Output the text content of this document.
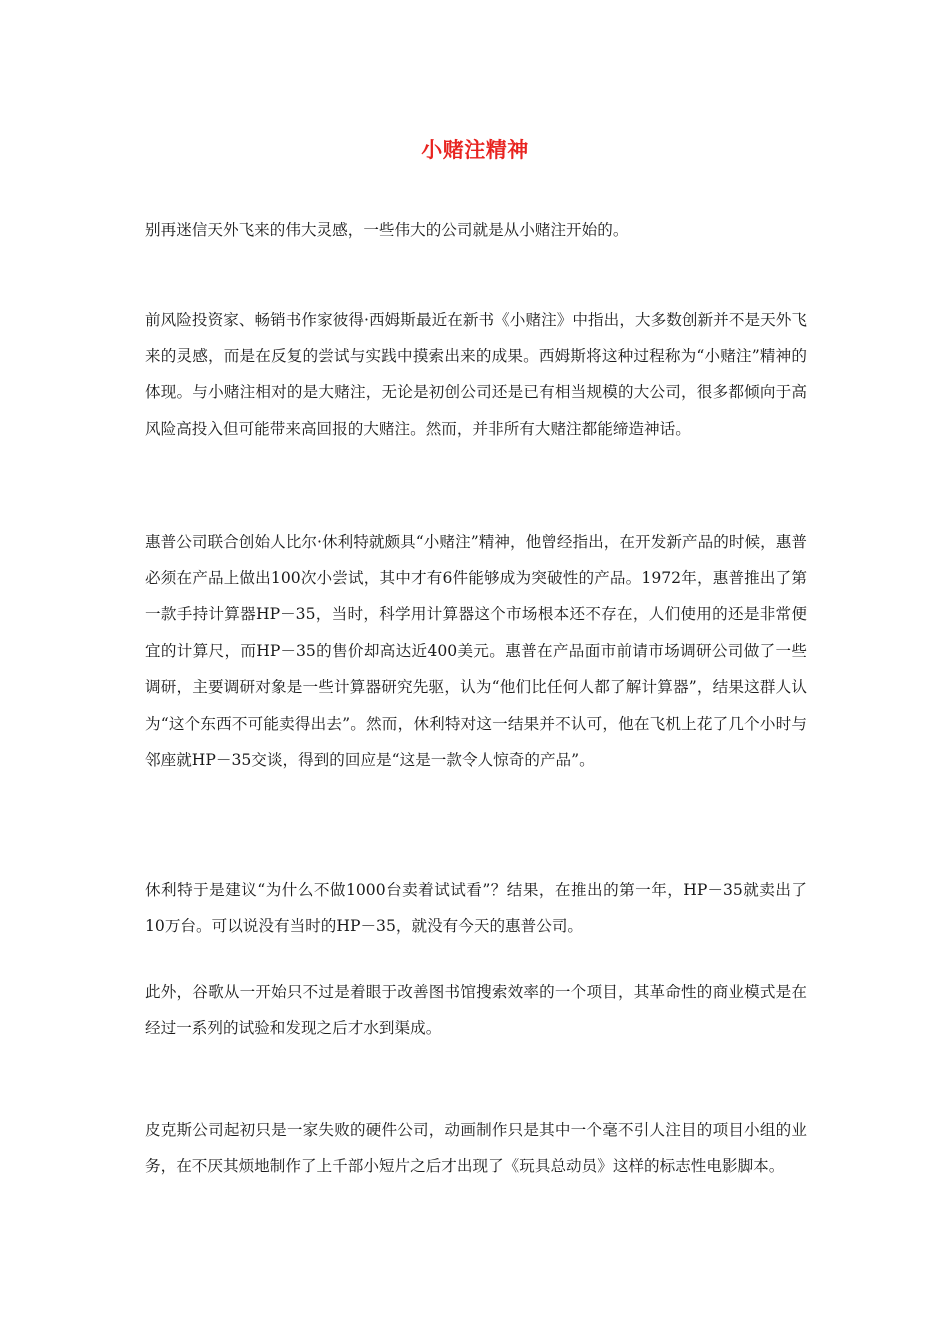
小赌注精神

别再迷信天外飞来的伟大灵感，一些伟大的公司就是从小赌注开始的。

前风险投资家、畅销书作家彼得·西姆斯最近在新书《小赌注》中指出，大多数创新并不是天外飞来的灵感，而是在反复的尝试与实践中摸索出来的成果。西姆斯将这种过程称为“小赌注”精神的体现。与小赌注相对的是大赌注，无论是初创公司还是已有相当规模的大公司，很多都倾向于高风险高投入但可能带来高回报的大赌注。然而，并非所有大赌注都能缔造神话。

惠普公司联合创始人比尔·休利特就颇具“小赌注”精神，他曾经指出，在开发新产品的时候，惠普必须在产品上做出100次小尝试，其中才有6件能够成为突破性的产品。1972年，惠普推出了第一款手持计算器HP－35，当时，科学用计算器这个市场根本还不存在，人们使用的还是非常便宜的计算尺，而HP－35的售价却高达近400美元。惠普在产品面市前请市场调研公司做了一些调研，主要调研对象是一些计算器研究先驱，认为“他们比任何人都了解计算器”，结果这群人认为“这个东西不可能卖得出去”。然而，休利特对这一结果并不认可，他在飞机上花了几个小时与邻座就HP－35交谈，得到的回应是“这是一款令人惊奇的产品”。

休利特于是建议“为什么不做1000台卖着试试看”？结果，在推出的第一年，HP－35就卖出了10万台。可以说没有当时的HP－35，就没有今天的惠普公司。

此外，谷歌从一开始只不过是着眼于改善图书馆搜索效率的一个项目，其革命性的商业模式是在经过一系列的试验和发现之后才水到渠成。

皮克斯公司起初只是一家失败的硬件公司，动画制作只是其中一个毫不引人注目的项目小组的业务，在不厌其烦地制作了上千部小短片之后才出现了《玩具总动员》这样的标志性电影脚本。
